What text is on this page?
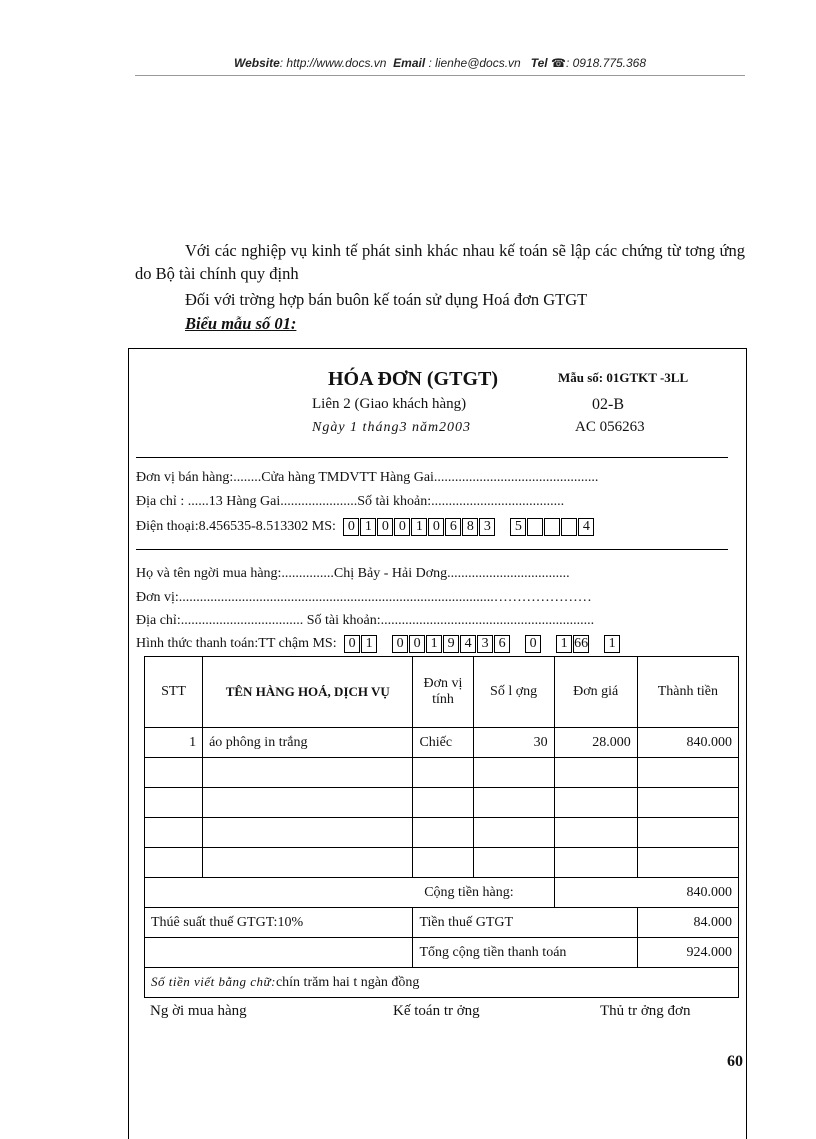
Website: http://www.docs.vn Email : lienhe@docs.vn Tel ☎: 0918.775.368
Với các nghiệp vụ kinh tế phát sinh khác nhau kế toán sẽ lập các chứng từ tơng ứng do Bộ tài chính quy định
Đối với trờng hợp bán buôn kế toán sử dụng Hoá đơn GTGT
Biểu mẫu số 01:
HÓA ĐƠN (GTGT)
Liên 2 (Giao khách hàng)
Ngày 1 tháng3 năm2003
Mẫu số: 01GTKT -3LL
02-B
AC 056263
Đơn vị bán hàng:........Cửa hàng TMDVTT Hàng Gai...............................................
Địa chỉ : ......13 Hàng Gai......................Số tài khoản:......................................
Điện thoại:8.456535-8.513302 MS: 0 1 0 0 1 0 6 8 3	5	4
Họ và tên ngời mua hàng:...............Chị Bảy - Hải Dơng...................................
Đơn vị:..........................................................................................…………………
Địa chỉ:................................... Số tài khoản:.............................................................
Hình thức thanh toán:TT chậm MS: 0 1	0 0 1 9 4 3 6	0	1 66	1
STT	TÊN HÀNG HOÁ, DỊCH VỤ	Đơn vị tính	Số l ợng	Đơn giá	Thành tiền
1	áo phông in trắng	Chiếc	30	28.000	840.000

Cộng tiền hàng:				840.000	
Thúê suất thuế GTGT:10%		Tiền thuế GTGT			84.000
		Tổng cộng tiền thanh toán			924.000
Số tiền viết bằng chữ:chín trăm hai t ngàn đồng					
Ng ời mua hàng	Kế toán tr ởng	Thủ tr ởng đơn
60
